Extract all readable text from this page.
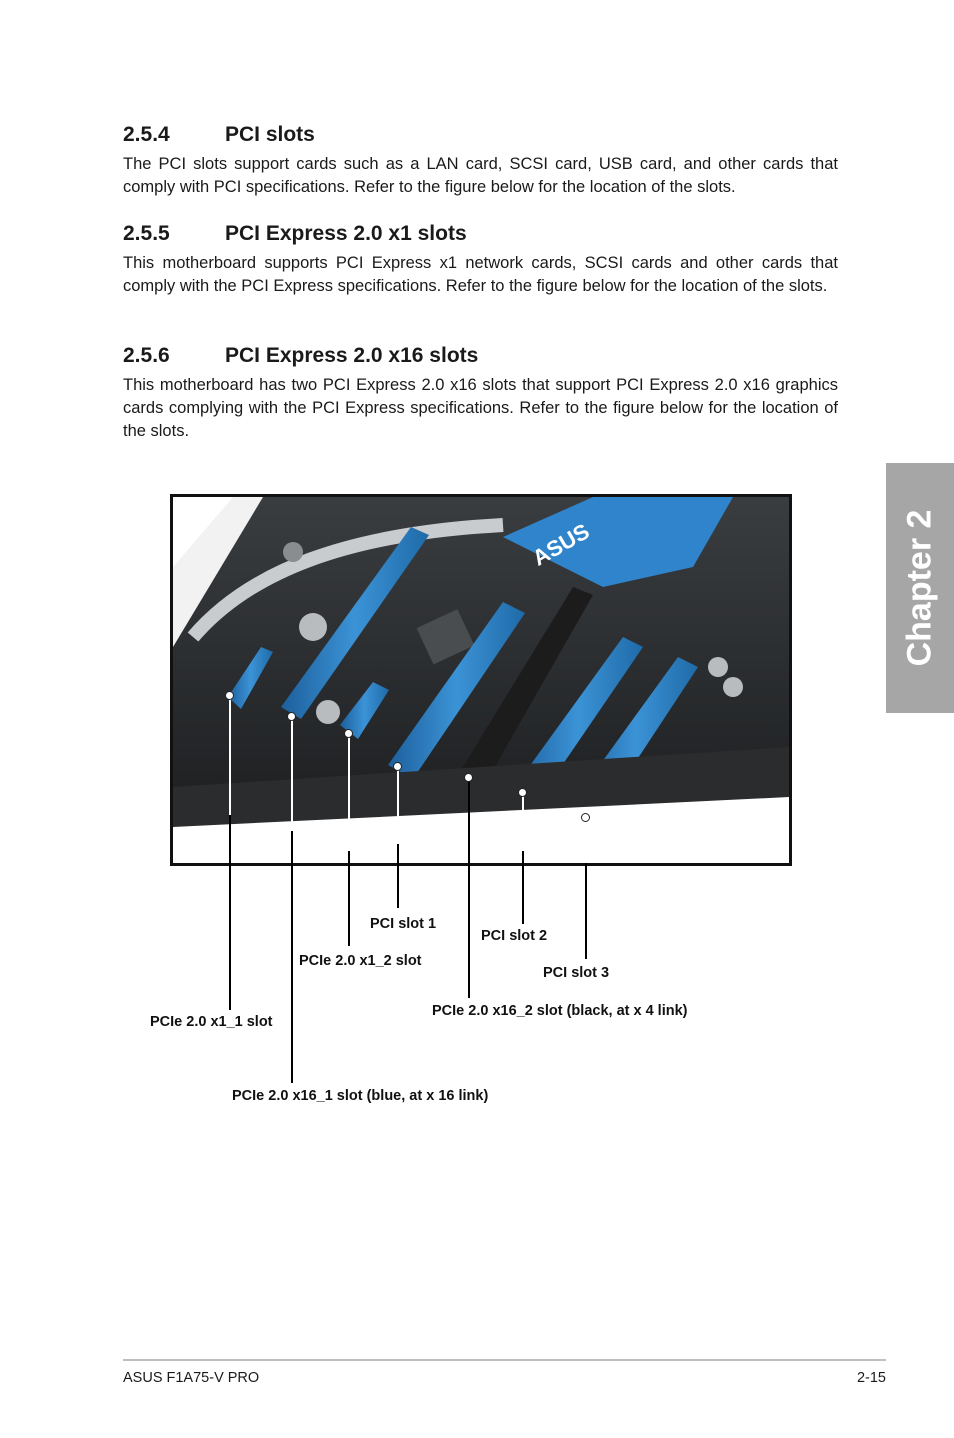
2.5.4	PCI slots

The PCI slots support cards such as a LAN card, SCSI card, USB card, and other cards that comply with PCI specifications. Refer to the figure below for the location of the slots.

2.5.5	PCI Express 2.0 x1 slots

This motherboard supports PCI Express x1 network cards, SCSI cards and other cards that comply with the PCI Express specifications. Refer to the figure below for the location of the slots.

2.5.6	PCI Express 2.0 x16 slots

This motherboard has two PCI Express 2.0 x16 slots that support PCI Express 2.0 x16 graphics cards complying with the PCI Express specifications. Refer to the figure below for the location of the slots.

Chapter 2
ASUS
PCIe 2.0 x1_1 slot
PCIe 2.0 x16_1 slot (blue, at x 16 link)
PCIe 2.0 x1_2 slot
PCI slot 1
PCIe 2.0 x16_2 slot (black, at x 4 link)
PCI slot 2
PCI slot 3
ASUS F1A75-V PRO	2-15
